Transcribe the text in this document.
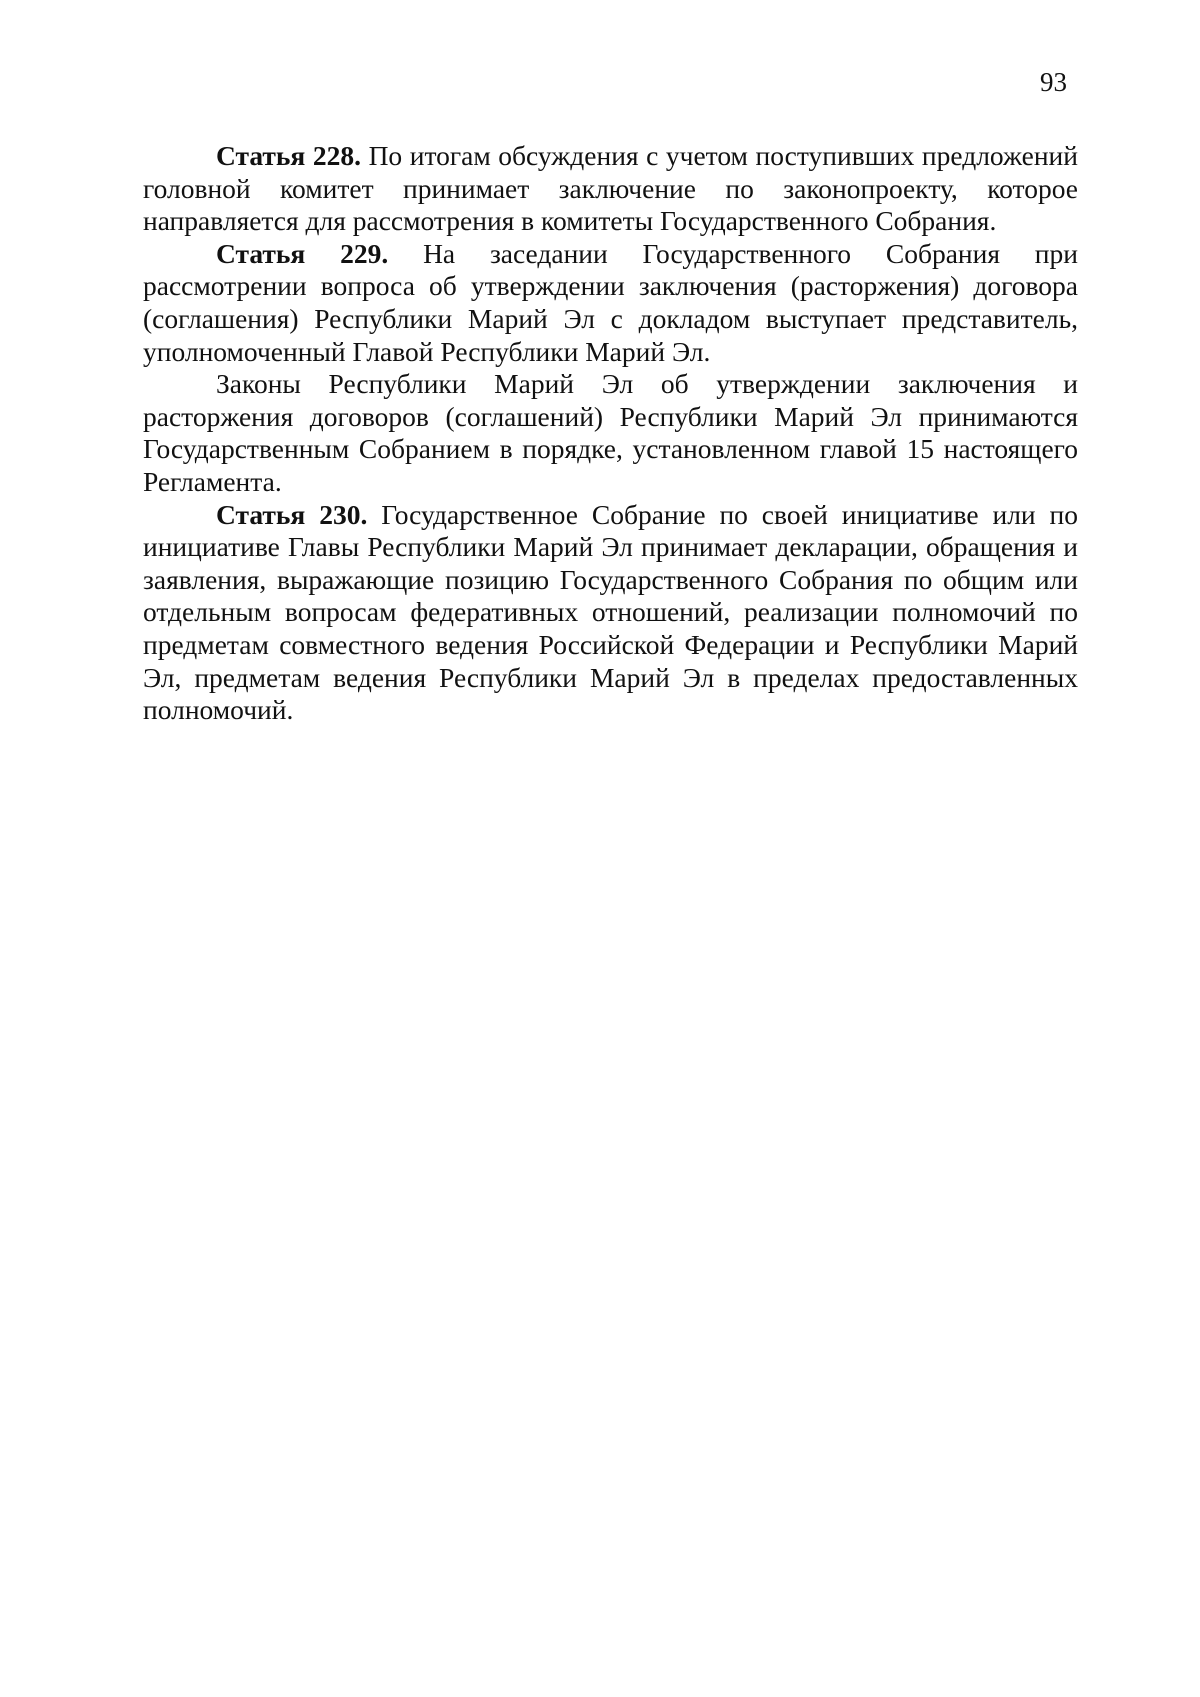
93

Статья 228. По итогам обсуждения с учетом поступивших предложений головной комитет принимает заключение по законопроекту, которое направляется для рассмотрения в комитеты Государственного Собрания.

Статья 229. На заседании Государственного Собрания при рассмотрении вопроса об утверждении заключения (расторжения) договора (соглашения) Республики Марий Эл с докладом выступает представитель, уполномоченный Главой Республики Марий Эл.

Законы Республики Марий Эл об утверждении заключения и расторжения договоров (соглашений) Республики Марий Эл принимаются Государственным Собранием в порядке, установленном главой 15 настоящего Регламента.

Статья 230. Государственное Собрание по своей инициативе или по инициативе Главы Республики Марий Эл принимает декларации, обращения и заявления, выражающие позицию Государственного Собрания по общим или отдельным вопросам федеративных отношений, реализации полномочий по предметам совместного ведения Российской Федерации и Республики Марий Эл, предметам ведения Республики Марий Эл в пределах предоставленных полномочий.
